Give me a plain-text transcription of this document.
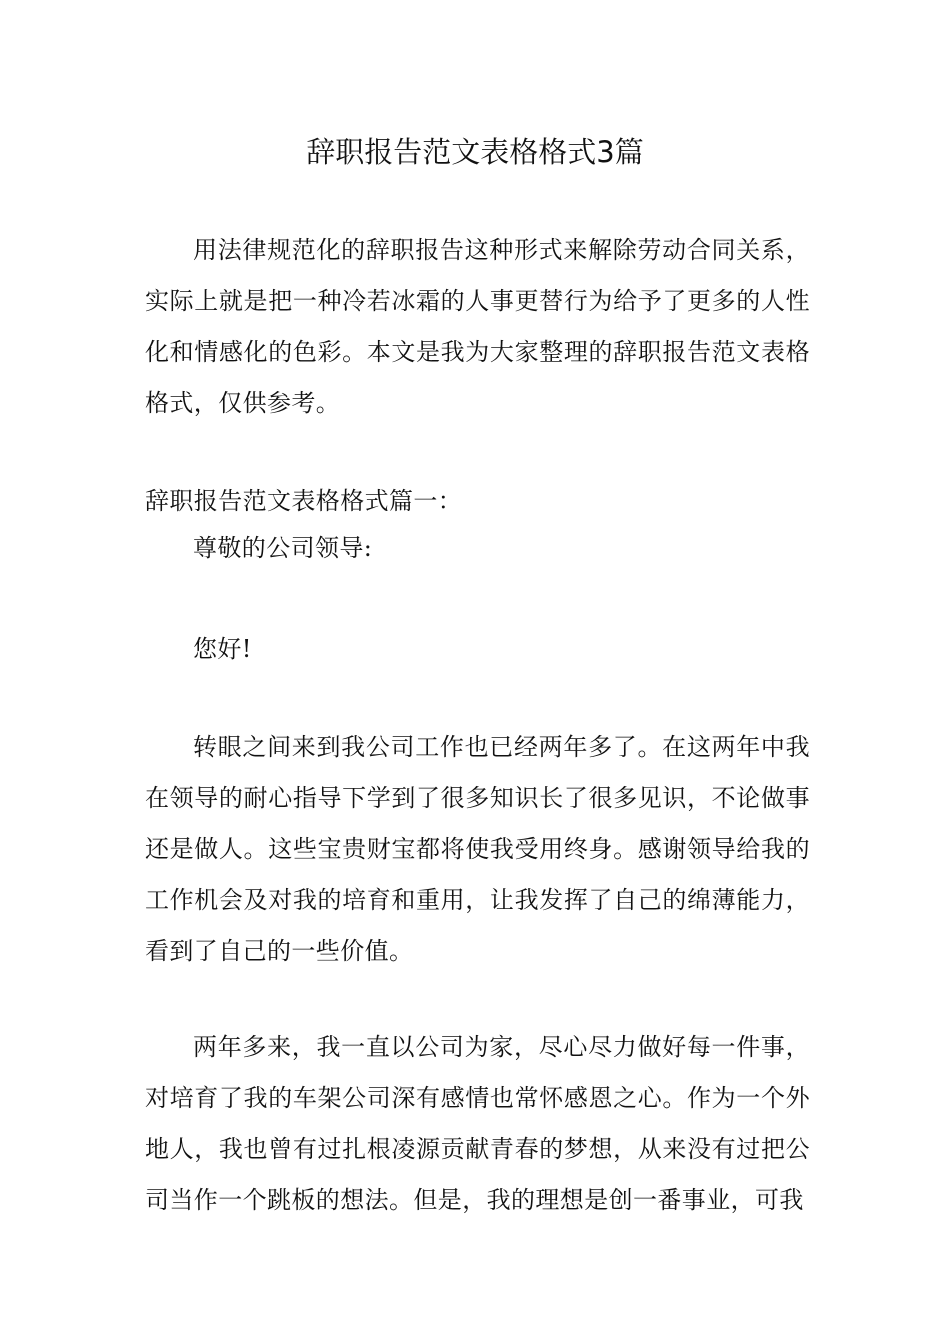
辞职报告范文表格格式3篇

用法律规范化的辞职报告这种形式来解除劳动合同关系，实际上就是把一种冷若冰霜的人事更替行为给予了更多的人性化和情感化的色彩。本文是我为大家整理的辞职报告范文表格格式，仅供参考。

辞职报告范文表格格式篇一：

尊敬的公司领导:

您好!

转眼之间来到我公司工作也已经两年多了。在这两年中我在领导的耐心指导下学到了很多知识长了很多见识，不论做事还是做人。这些宝贵财宝都将使我受用终身。感谢领导给我的工作机会及对我的培育和重用，让我发挥了自己的绵薄能力，看到了自己的一些价值。

两年多来，我一直以公司为家，尽心尽力做好每一件事，对培育了我的车架公司深有感情也常怀感恩之心。作为一个外地人，我也曾有过扎根凌源贡献青春的梦想，从来没有过把公司当作一个跳板的想法。但是，我的理想是创一番事业，可我
